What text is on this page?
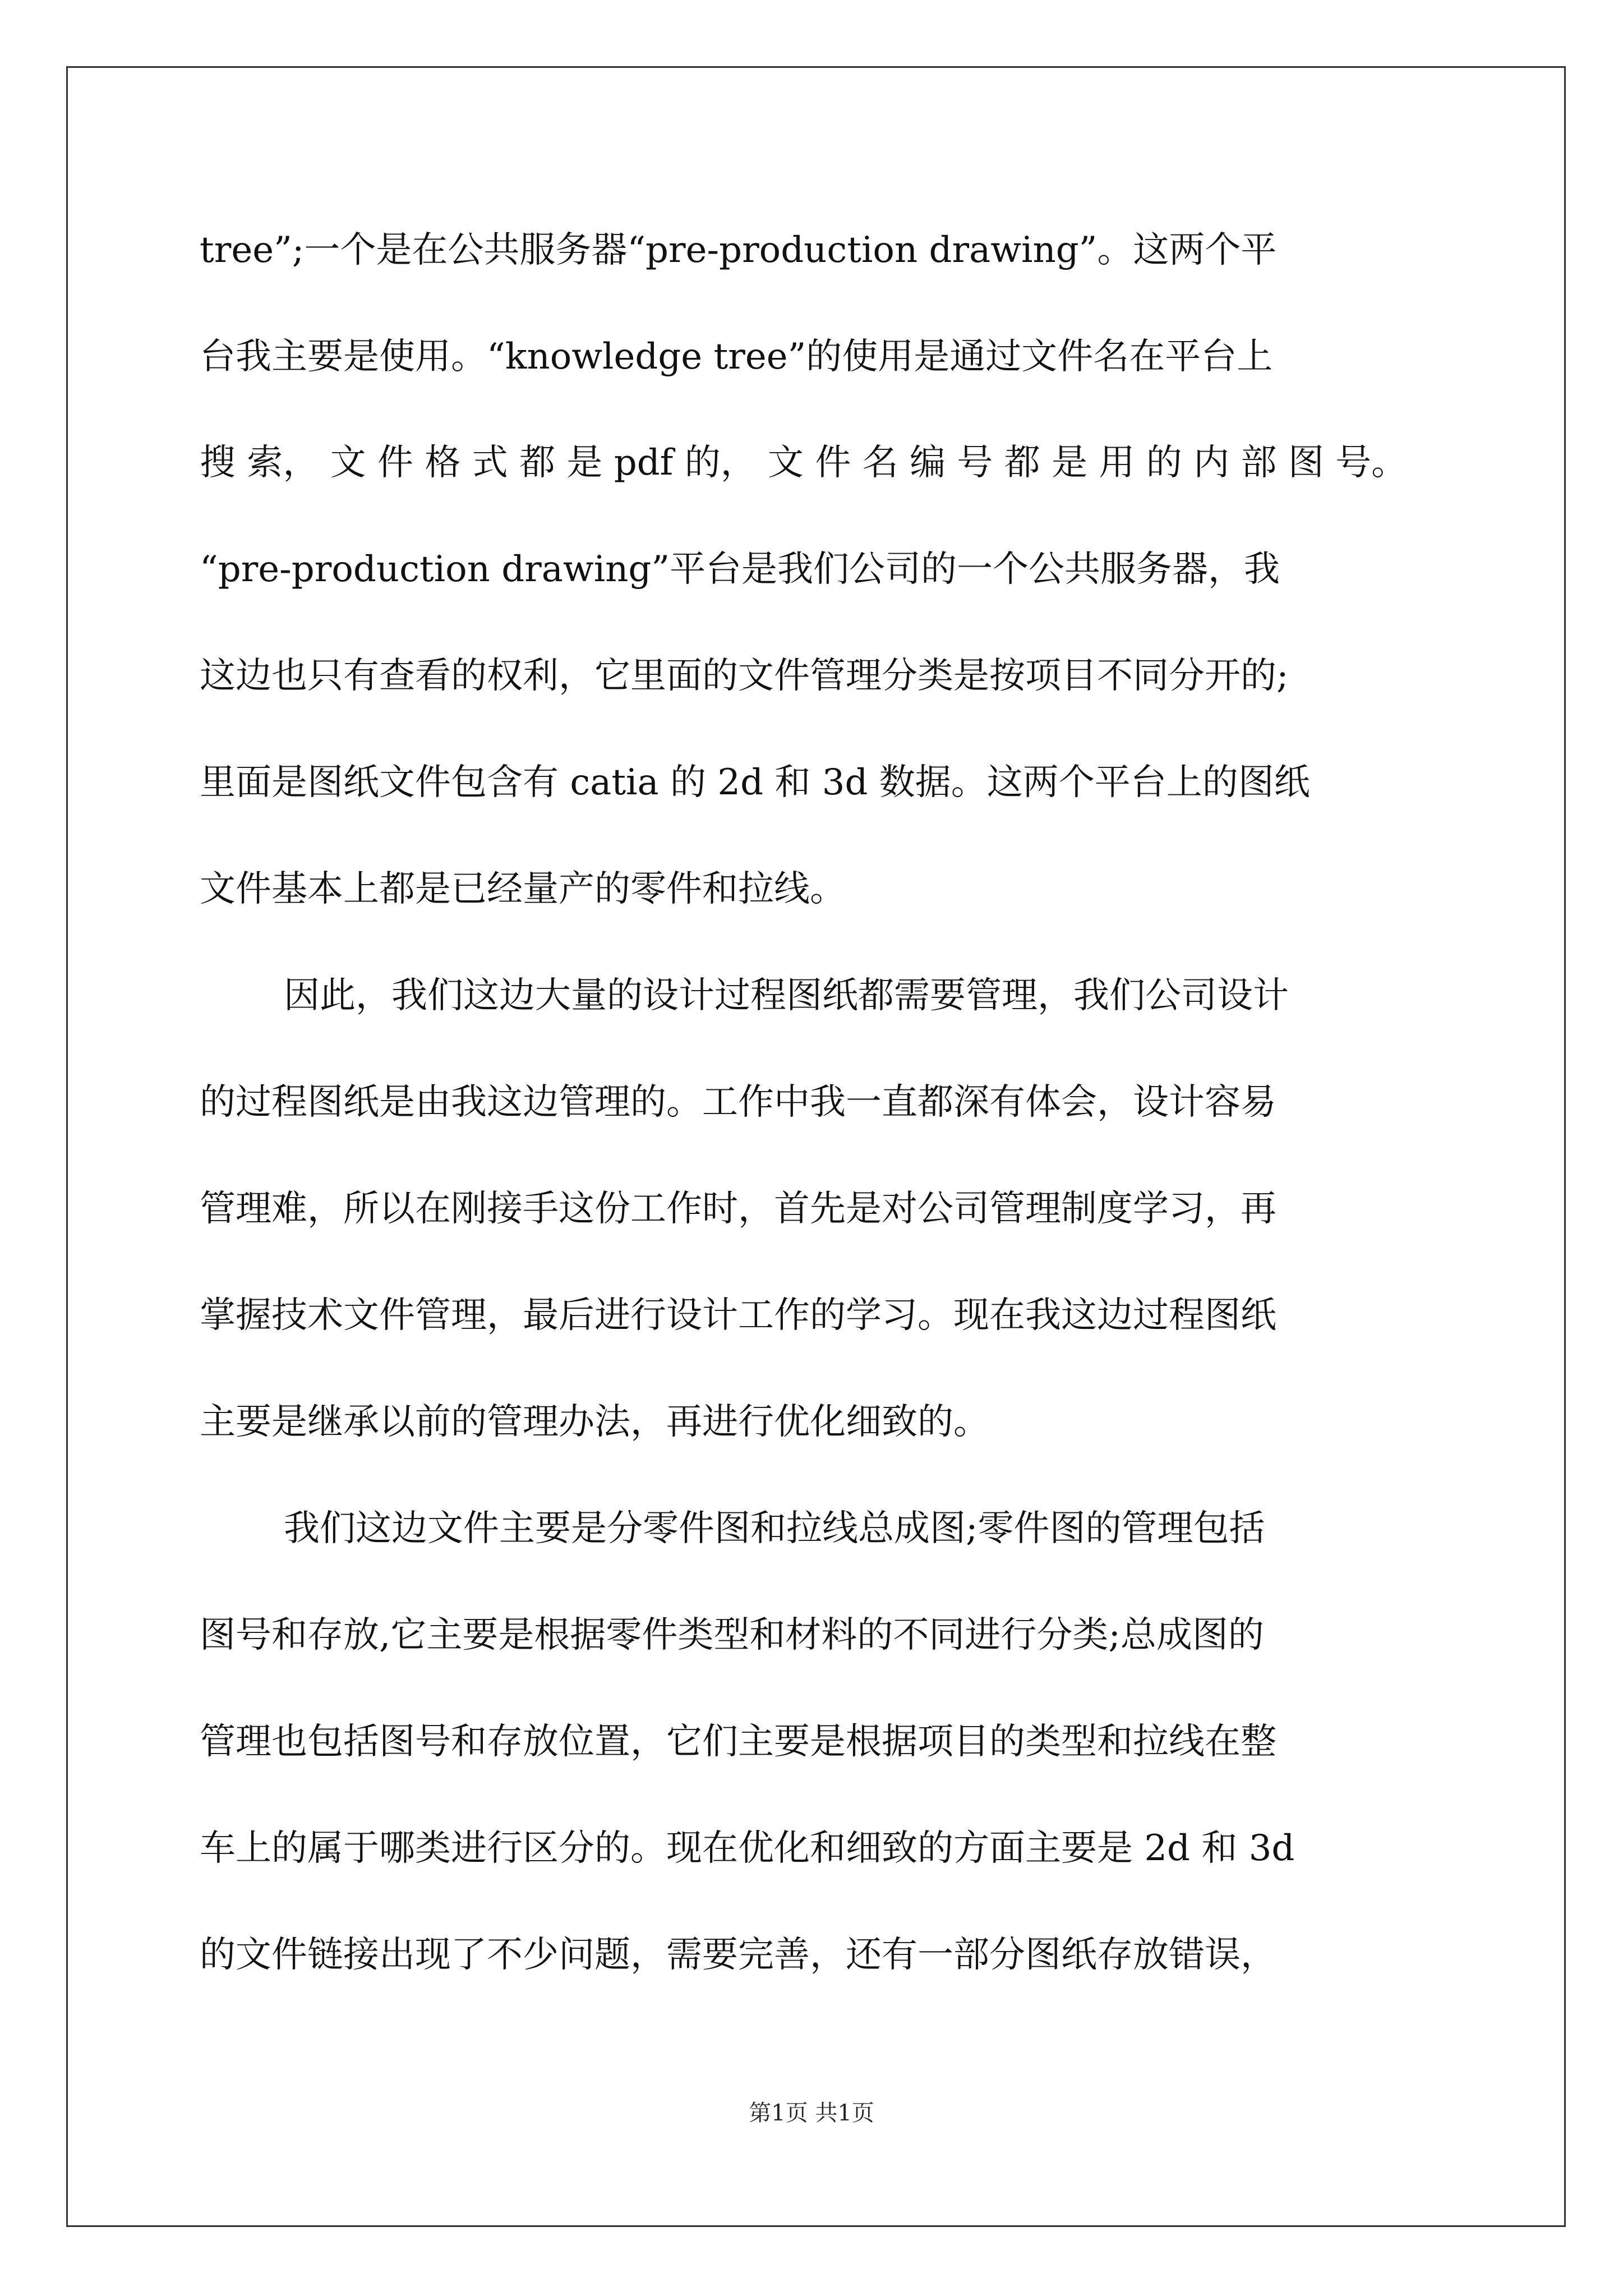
tree”;一个是在公共服务器“pre-production drawing”。这两个平
台我主要是使用。“knowledge tree”的使用是通过文件名在平台上
搜 索， 文 件 格 式 都 是 pdf 的， 文 件 名 编 号 都 是 用 的 内 部 图 号。
“pre-production drawing”平台是我们公司的一个公共服务器，我
这边也只有查看的权利，它里面的文件管理分类是按项目不同分开的;
里面是图纸文件包含有 catia 的 2d 和 3d 数据。这两个平台上的图纸
文件基本上都是已经量产的零件和拉线。
因此，我们这边大量的设计过程图纸都需要管理，我们公司设计
的过程图纸是由我这边管理的。工作中我一直都深有体会，设计容易
管理难，所以在刚接手这份工作时，首先是对公司管理制度学习，再
掌握技术文件管理，最后进行设计工作的学习。现在我这边过程图纸
主要是继承以前的管理办法，再进行优化细致的。
我们这边文件主要是分零件图和拉线总成图;零件图的管理包括
图号和存放,它主要是根据零件类型和材料的不同进行分类;总成图的
管理也包括图号和存放位置，它们主要是根据项目的类型和拉线在整
车上的属于哪类进行区分的。现在优化和细致的方面主要是 2d 和 3d
的文件链接出现了不少问题，需要完善，还有一部分图纸存放错误，
第1页 共1页
